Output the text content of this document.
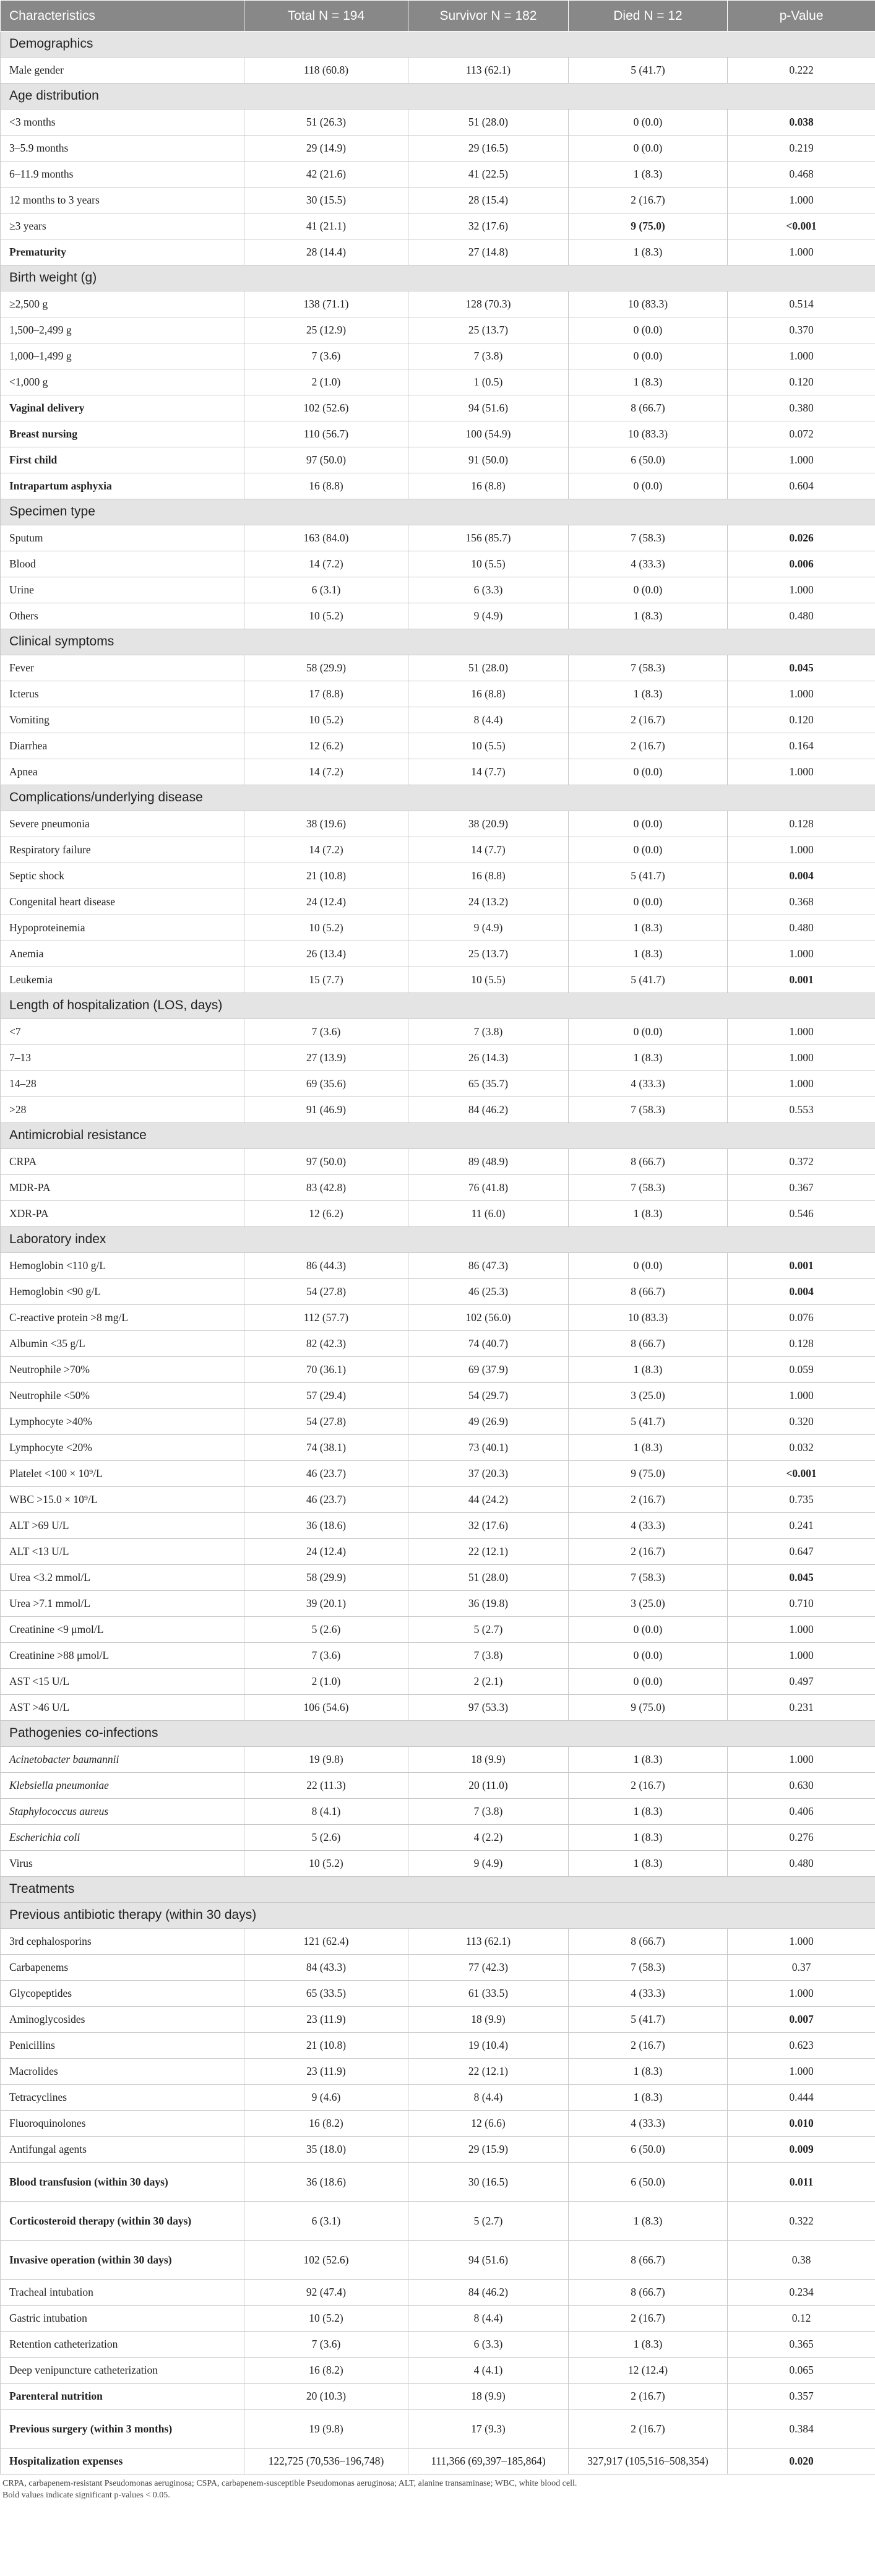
Characteristics	Total N = 194	Survivor N = 182	Died N = 12	p-Value
Demographics				
Male gender	118 (60.8)	113 (62.1)	5 (41.7)	0.222
Age distribution				
<3 months	51 (26.3)	51 (28.0)	0 (0.0)	0.038
3–5.9 months	29 (14.9)	29 (16.5)	0 (0.0)	0.219
6–11.9 months	42 (21.6)	41 (22.5)	1 (8.3)	0.468
12 months to 3 years	30 (15.5)	28 (15.4)	2 (16.7)	1.000
≥3 years	41 (21.1)	32 (17.6)	9 (75.0)	<0.001
Prematurity	28 (14.4)	27 (14.8)	1 (8.3)	1.000
Birth weight (g)				
≥2,500 g	138 (71.1)	128 (70.3)	10 (83.3)	0.514
1,500–2,499 g	25 (12.9)	25 (13.7)	0 (0.0)	0.370
1,000–1,499 g	7 (3.6)	7 (3.8)	0 (0.0)	1.000
<1,000 g	2 (1.0)	1 (0.5)	1 (8.3)	0.120
Vaginal delivery	102 (52.6)	94 (51.6)	8 (66.7)	0.380
Breast nursing	110 (56.7)	100 (54.9)	10 (83.3)	0.072
First child	97 (50.0)	91 (50.0)	6 (50.0)	1.000
Intrapartum asphyxia	16 (8.8)	16 (8.8)	0 (0.0)	0.604
Specimen type				
Sputum	163 (84.0)	156 (85.7)	7 (58.3)	0.026
Blood	14 (7.2)	10 (5.5)	4 (33.3)	0.006
Urine	6 (3.1)	6 (3.3)	0 (0.0)	1.000
Others	10 (5.2)	9 (4.9)	1 (8.3)	0.480
Clinical symptoms				
Fever	58 (29.9)	51 (28.0)	7 (58.3)	0.045
Icterus	17 (8.8)	16 (8.8)	1 (8.3)	1.000
Vomiting	10 (5.2)	8 (4.4)	2 (16.7)	0.120
Diarrhea	12 (6.2)	10 (5.5)	2 (16.7)	0.164
Apnea	14 (7.2)	14 (7.7)	0 (0.0)	1.000
Complications/underlying disease				
Severe pneumonia	38 (19.6)	38 (20.9)	0 (0.0)	0.128
Respiratory failure	14 (7.2)	14 (7.7)	0 (0.0)	1.000
Septic shock	21 (10.8)	16 (8.8)	5 (41.7)	0.004
Congenital heart disease	24 (12.4)	24 (13.2)	0 (0.0)	0.368
Hypoproteinemia	10 (5.2)	9 (4.9)	1 (8.3)	0.480
Anemia	26 (13.4)	25 (13.7)	1 (8.3)	1.000
Leukemia	15 (7.7)	10 (5.5)	5 (41.7)	0.001
Length of hospitalization (LOS, days)				
<7	7 (3.6)	7 (3.8)	0 (0.0)	1.000
7–13	27 (13.9)	26 (14.3)	1 (8.3)	1.000
14–28	69 (35.6)	65 (35.7)	4 (33.3)	1.000
>28	91 (46.9)	84 (46.2)	7 (58.3)	0.553
Antimicrobial resistance				
CRPA	97 (50.0)	89 (48.9)	8 (66.7)	0.372
MDR-PA	83 (42.8)	76 (41.8)	7 (58.3)	0.367
XDR-PA	12 (6.2)	11 (6.0)	1 (8.3)	0.546
Laboratory index				
Hemoglobin <110 g/L	86 (44.3)	86 (47.3)	0 (0.0)	0.001
Hemoglobin <90 g/L	54 (27.8)	46 (25.3)	8 (66.7)	0.004
C-reactive protein >8 mg/L	112 (57.7)	102 (56.0)	10 (83.3)	0.076
Albumin <35 g/L	82 (42.3)	74 (40.7)	8 (66.7)	0.128
Neutrophile >70%	70 (36.1)	69 (37.9)	1 (8.3)	0.059
Neutrophile <50%	57 (29.4)	54 (29.7)	3 (25.0)	1.000
Lymphocyte >40%	54 (27.8)	49 (26.9)	5 (41.7)	0.320
Lymphocyte <20%	74 (38.1)	73 (40.1)	1 (8.3)	0.032
Platelet <100 × 10⁹/L	46 (23.7)	37 (20.3)	9 (75.0)	<0.001
WBC >15.0 × 10⁹/L	46 (23.7)	44 (24.2)	2 (16.7)	0.735
ALT >69 U/L	36 (18.6)	32 (17.6)	4 (33.3)	0.241
ALT <13 U/L	24 (12.4)	22 (12.1)	2 (16.7)	0.647
Urea <3.2 mmol/L	58 (29.9)	51 (28.0)	7 (58.3)	0.045
Urea >7.1 mmol/L	39 (20.1)	36 (19.8)	3 (25.0)	0.710
Creatinine <9 μmol/L	5 (2.6)	5 (2.7)	0 (0.0)	1.000
Creatinine >88 μmol/L	7 (3.6)	7 (3.8)	0 (0.0)	1.000
AST <15 U/L	2 (1.0)	2 (2.1)	0 (0.0)	0.497
AST >46 U/L	106 (54.6)	97 (53.3)	9 (75.0)	0.231
Pathogenies co-infections				
Acinetobacter baumannii	19 (9.8)	18 (9.9)	1 (8.3)	1.000
Klebsiella pneumoniae	22 (11.3)	20 (11.0)	2 (16.7)	0.630
Staphylococcus aureus	8 (4.1)	7 (3.8)	1 (8.3)	0.406
Escherichia coli	5 (2.6)	4 (2.2)	1 (8.3)	0.276
Virus	10 (5.2)	9 (4.9)	1 (8.3)	0.480
Treatments				
Previous antibiotic therapy (within 30 days)				
3rd cephalosporins	121 (62.4)	113 (62.1)	8 (66.7)	1.000
Carbapenems	84 (43.3)	77 (42.3)	7 (58.3)	0.37
Glycopeptides	65 (33.5)	61 (33.5)	4 (33.3)	1.000
Aminoglycosides	23 (11.9)	18 (9.9)	5 (41.7)	0.007
Penicillins	21 (10.8)	19 (10.4)	2 (16.7)	0.623
Macrolides	23 (11.9)	22 (12.1)	1 (8.3)	1.000
Tetracyclines	9 (4.6)	8 (4.4)	1 (8.3)	0.444
Fluoroquinolones	16 (8.2)	12 (6.6)	4 (33.3)	0.010
Antifungal agents	35 (18.0)	29 (15.9)	6 (50.0)	0.009
Blood transfusion (within 30 days)	36 (18.6)	30 (16.5)	6 (50.0)	0.011
Corticosteroid therapy (within 30 days)	6 (3.1)	5 (2.7)	1 (8.3)	0.322
Invasive operation (within 30 days)	102 (52.6)	94 (51.6)	8 (66.7)	0.38
Tracheal intubation	92 (47.4)	84 (46.2)	8 (66.7)	0.234
Gastric intubation	10 (5.2)	8 (4.4)	2 (16.7)	0.12
Retention catheterization	7 (3.6)	6 (3.3)	1 (8.3)	0.365
Deep venipuncture catheterization	16 (8.2)	4 (4.1)	12 (12.4)	0.065
Parenteral nutrition	20 (10.3)	18 (9.9)	2 (16.7)	0.357
Previous surgery (within 3 months)	19 (9.8)	17 (9.3)	2 (16.7)	0.384
Hospitalization expenses	122,725 (70,536–196,748)	111,366 (69,397–185,864)	327,917 (105,516–508,354)	0.020
CRPA, carbapenem-resistant Pseudomonas aeruginosa; CSPA, carbapenem-susceptible Pseudomonas aeruginosa; ALT, alanine transaminase; WBC, white blood cell.
Bold values indicate significant p-values < 0.05.
